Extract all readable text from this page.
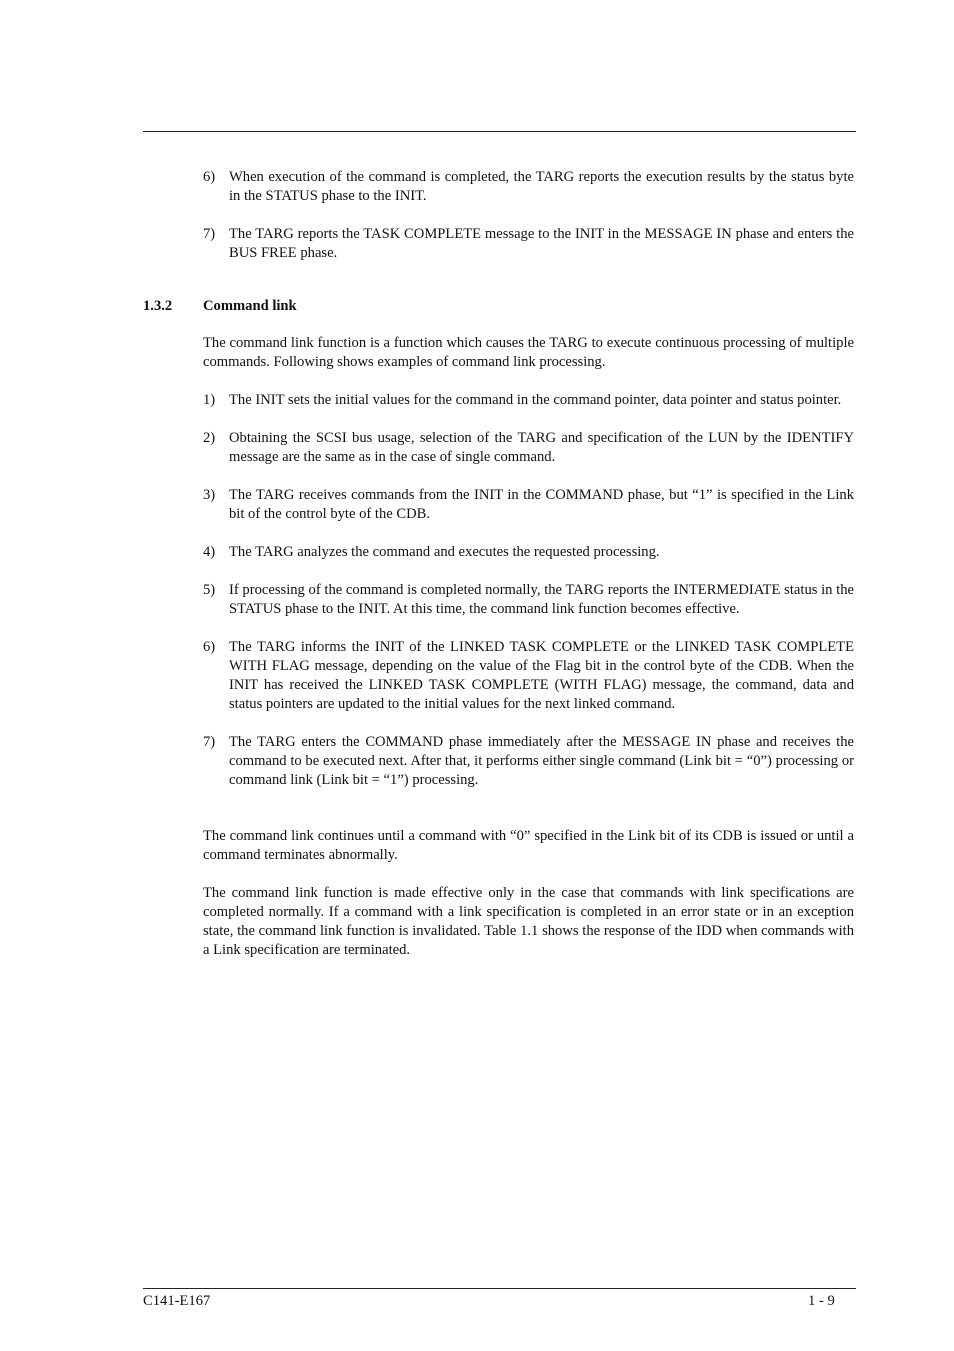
6) When execution of the command is completed, the TARG reports the execution results by the status byte in the STATUS phase to the INIT.
7) The TARG reports the TASK COMPLETE message to the INIT in the MESSAGE IN phase and enters the BUS FREE phase.
1.3.2 Command link
The command link function is a function which causes the TARG to execute continuous processing of multiple commands. Following shows examples of command link processing.
1) The INIT sets the initial values for the command in the command pointer, data pointer and status pointer.
2) Obtaining the SCSI bus usage, selection of the TARG and specification of the LUN by the IDENTIFY message are the same as in the case of single command.
3) The TARG receives commands from the INIT in the COMMAND phase, but “1” is specified in the Link bit of the control byte of the CDB.
4) The TARG analyzes the command and executes the requested processing.
5) If processing of the command is completed normally, the TARG reports the INTERMEDIATE status in the STATUS phase to the INIT. At this time, the command link function becomes effective.
6) The TARG informs the INIT of the LINKED TASK COMPLETE or the LINKED TASK COMPLETE WITH FLAG message, depending on the value of the Flag bit in the control byte of the CDB. When the INIT has received the LINKED TASK COMPLETE (WITH FLAG) message, the command, data and status pointers are updated to the initial values for the next linked command.
7) The TARG enters the COMMAND phase immediately after the MESSAGE IN phase and receives the command to be executed next. After that, it performs either single command (Link bit = “0”) processing or command link (Link bit = “1”) processing.
The command link continues until a command with “0” specified in the Link bit of its CDB is issued or until a command terminates abnormally.
The command link function is made effective only in the case that commands with link specifications are completed normally. If a command with a link specification is completed in an error state or in an exception state, the command link function is invalidated. Table 1.1 shows the response of the IDD when commands with a Link specification are terminated.
C141-E167	1 - 9
